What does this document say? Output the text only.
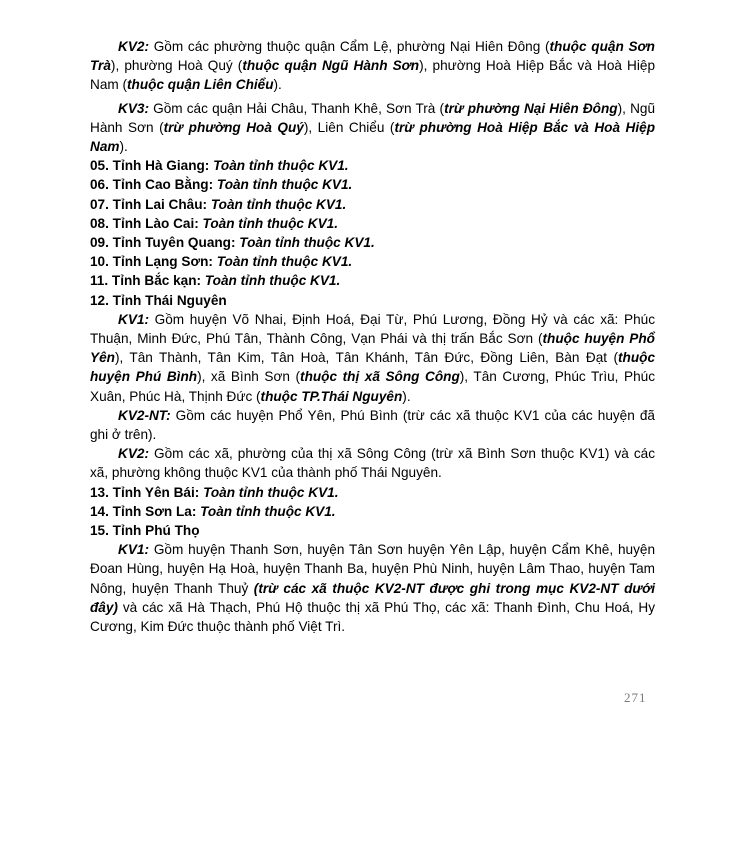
KV2: Gồm các phường thuộc quận Cẩm Lệ, phường Nại Hiên Đông (thuộc quận Sơn Trà), phường Hoà Quý (thuộc quận Ngũ Hành Sơn), phường Hoà Hiệp Bắc và Hoà Hiệp Nam (thuộc quận Liên Chiểu).

KV3: Gồm các quận Hải Châu, Thanh Khê, Sơn Trà (trừ phường Nại Hiên Đông), Ngũ Hành Sơn (trừ phường Hoà Quý), Liên Chiểu (trừ phường Hoà Hiệp Bắc và Hoà Hiệp Nam).

05. Tỉnh Hà Giang: Toàn tỉnh thuộc KV1.

06. Tỉnh Cao Bằng: Toàn tỉnh thuộc KV1.

07. Tỉnh Lai Châu: Toàn tỉnh thuộc KV1.

08. Tỉnh Lào Cai: Toàn tỉnh thuộc KV1.

09. Tỉnh Tuyên Quang: Toàn tỉnh thuộc KV1.

10. Tỉnh Lạng Sơn: Toàn tỉnh thuộc KV1.

11. Tỉnh Bắc kạn: Toàn tỉnh thuộc KV1.

12. Tỉnh Thái Nguyên

KV1: Gồm huyện Võ Nhai, Định Hoá, Đại Từ, Phú Lương, Đồng Hỷ và các xã: Phúc Thuận, Minh Đức, Phú Tân, Thành Công, Vạn Phái và thị trấn Bắc Sơn (thuộc huyện Phổ Yên), Tân Thành, Tân Kim, Tân Hoà, Tân Khánh, Tân Đức, Đồng Liên, Bàn Đạt (thuộc huyện Phú Bình), xã Bình Sơn (thuộc thị xã Sông Công), Tân Cương, Phúc Trìu, Phúc Xuân, Phúc Hà, Thịnh Đức (thuộc TP.Thái Nguyên).

KV2-NT: Gồm các huyện Phổ Yên, Phú Bình (trừ các xã thuộc KV1 của các huyện đã ghi ở trên).

KV2: Gồm các xã, phường của thị xã Sông Công (trừ xã Bình Sơn thuộc KV1) và các xã, phường không thuộc KV1 của thành phố Thái Nguyên.

13. Tỉnh Yên Bái: Toàn tỉnh thuộc KV1.

14. Tỉnh Sơn La: Toàn tỉnh thuộc KV1.

15. Tỉnh Phú Thọ

KV1: Gồm huyện Thanh Sơn, huyện Tân Sơn huyện Yên Lập, huyện Cẩm Khê, huyện Đoan Hùng, huyện Hạ Hoà, huyện Thanh Ba, huyện Phù Ninh, huyện Lâm Thao, huyện Tam Nông, huyện Thanh Thuỷ (trừ các xã thuộc KV2-NT được ghi trong mục KV2-NT dưới đây) và các xã Hà Thạch, Phú Hộ thuộc thị xã Phú Thọ, các xã: Thanh Đình, Chu Hoá, Hy Cương, Kim Đức thuộc thành phố Việt Trì.

271
